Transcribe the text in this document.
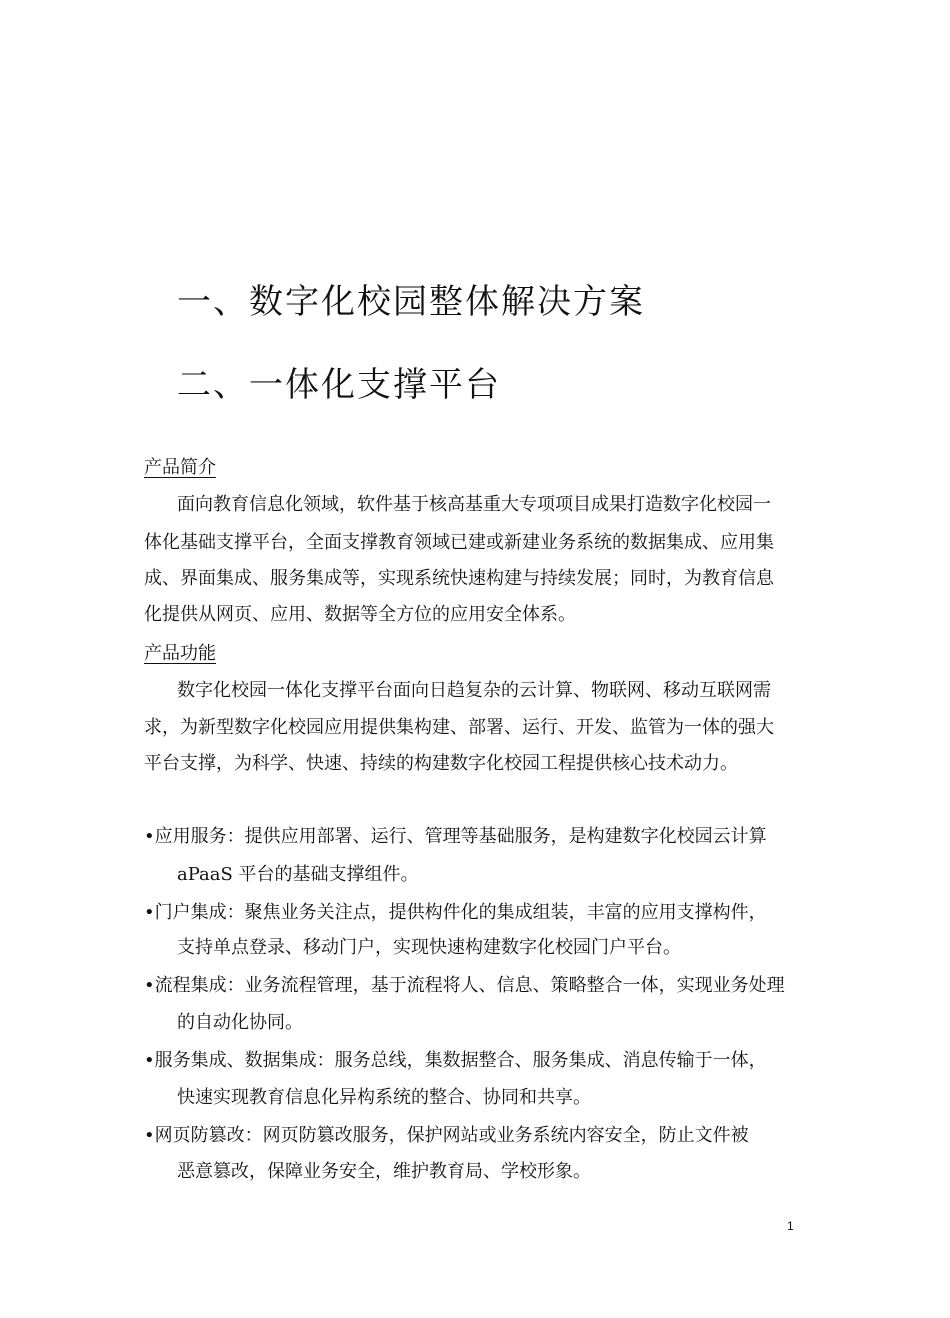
一、数字化校园整体解决方案
二、一体化支撑平台
产品简介
面向教育信息化领域，软件基于核高基重大专项项目成果打造数字化校园一
体化基础支撑平台，全面支撑教育领域已建或新建业务系统的数据集成、应用集
成、界面集成、服务集成等，实现系统快速构建与持续发展；同时，为教育信息
化提供从网页、应用、数据等全方位的应用安全体系。
产品功能
数字化校园一体化支撑平台面向日趋复杂的云计算、物联网、移动互联网需
求，为新型数字化校园应用提供集构建、部署、运行、开发、监管为一体的强大
平台支撑，为科学、快速、持续的构建数字化校园工程提供核心技术动力。
•应用服务：提供应用部署、运行、管理等基础服务，是构建数字化校园云计算
aPaaS 平台的基础支撑组件。
•门户集成：聚焦业务关注点，提供构件化的集成组装，丰富的应用支撑构件，
支持单点登录、移动门户，实现快速构建数字化校园门户平台。
•流程集成：业务流程管理，基于流程将人、信息、策略整合一体，实现业务处理
的自动化协同。
•服务集成、数据集成：服务总线，集数据整合、服务集成、消息传输于一体，
快速实现教育信息化异构系统的整合、协同和共享。
•网页防篡改：网页防篡改服务，保护网站或业务系统内容安全，防止文件被
恶意篡改，保障业务安全，维护教育局、学校形象。
1
